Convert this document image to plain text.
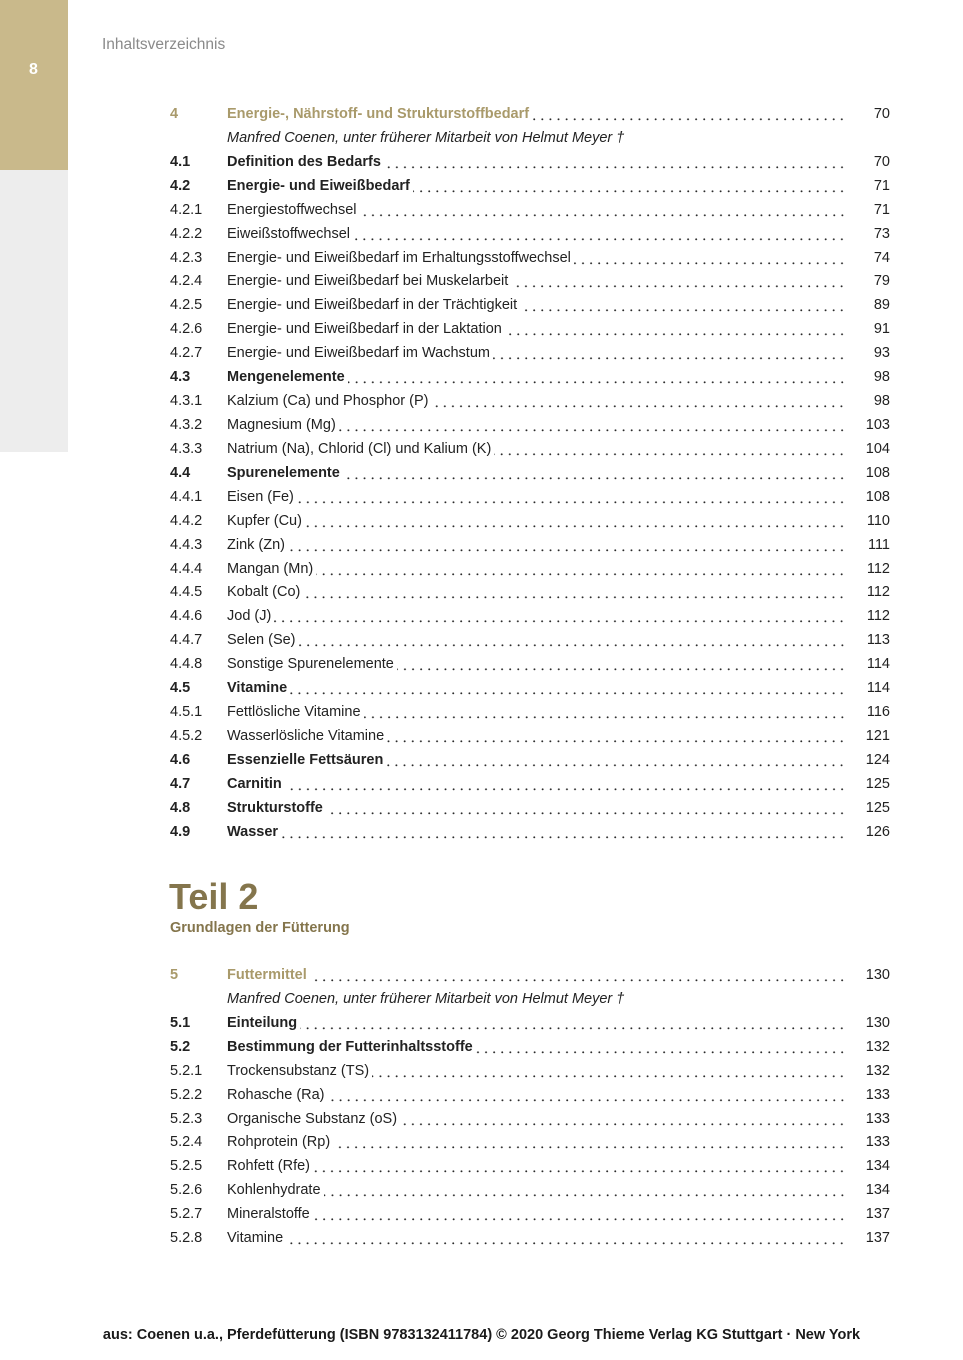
8
Inhaltsverzeichnis
4	Energie-, Nährstoff- und Strukturstoffbedarf	70
Manfred Coenen, unter früherer Mitarbeit von Helmut Meyer †
4.1	Definition des Bedarfs	70
4.2	Energie- und Eiweißbedarf	71
4.2.1	Energiestoffwechsel	71
4.2.2	Eiweißstoffwechsel	73
4.2.3	Energie- und Eiweißbedarf im Erhaltungsstoffwechsel	74
4.2.4	Energie- und Eiweißbedarf bei Muskelarbeit	79
4.2.5	Energie- und Eiweißbedarf in der Trächtigkeit	89
4.2.6	Energie- und Eiweißbedarf in der Laktation	91
4.2.7	Energie- und Eiweißbedarf im Wachstum	93
4.3	Mengenelemente	98
4.3.1	Kalzium (Ca) und Phosphor (P)	98
4.3.2	Magnesium (Mg)	103
4.3.3	Natrium (Na), Chlorid (Cl) und Kalium (K)	104
4.4	Spurenelemente	108
4.4.1	Eisen (Fe)	108
4.4.2	Kupfer (Cu)	110
4.4.3	Zink (Zn)	111
4.4.4	Mangan (Mn)	112
4.4.5	Kobalt (Co)	112
4.4.6	Jod (J)	112
4.4.7	Selen (Se)	113
4.4.8	Sonstige Spurenelemente	114
4.5	Vitamine	114
4.5.1	Fettlösliche Vitamine	116
4.5.2	Wasserlösliche Vitamine	121
4.6	Essenzielle Fettsäuren	124
4.7	Carnitin	125
4.8	Strukturstoffe	125
4.9	Wasser	126
Teil 2
Grundlagen der Fütterung
5	Futtermittel	130
Manfred Coenen, unter früherer Mitarbeit von Helmut Meyer †
5.1	Einteilung	130
5.2	Bestimmung der Futterinhaltsstoffe	132
5.2.1	Trockensubstanz (TS)	132
5.2.2	Rohasche (Ra)	133
5.2.3	Organische Substanz (oS)	133
5.2.4	Rohprotein (Rp)	133
5.2.5	Rohfett (Rfe)	134
5.2.6	Kohlenhydrate	134
5.2.7	Mineralstoffe	137
5.2.8	Vitamine	137
aus: Coenen u.a., Pferdefütterung (ISBN 9783132411784) © 2020 Georg Thieme Verlag KG Stuttgart · New York
